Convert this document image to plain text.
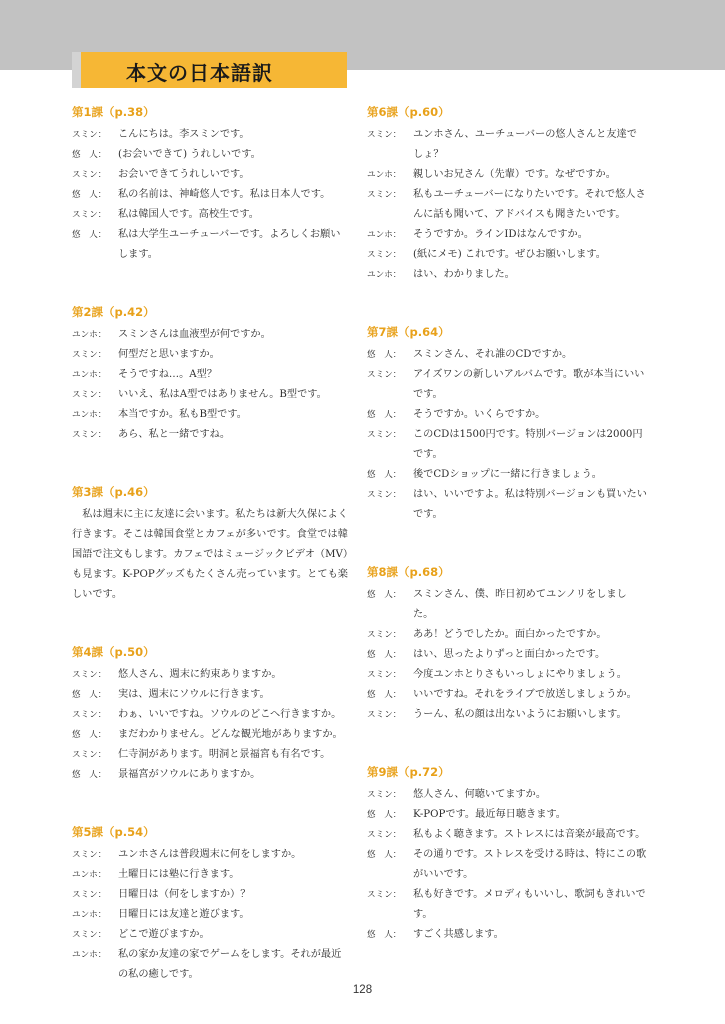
本文の日本語訳
第1課（p.38）
スミン：	こんにちは。李スミンです。
悠　人：	(お会いできて) うれしいです。
スミン：	お会いできてうれしいです。
悠　人：	私の名前は、神崎悠人です。私は日本人です。
スミン：	私は韓国人です。高校生です。
悠　人：	私は大学生ユーチューバーです。よろしくお願いします。
第2課（p.42）
ユンホ：	スミンさんは血液型が何ですか。
スミン：	何型だと思いますか。
ユンホ：	そうですね…。A型？
スミン：	いいえ、私はA型ではありません。B型です。
ユンホ：	本当ですか。私もB型です。
スミン：	あら、私と一緒ですね。
第3課（p.46）

私は週末に主に友達に会います。私たちは新大久保によく行きます。そこは韓国食堂とカフェが多いです。食堂では韓国語で注文もします。カフェではミュージックビデオ（MV）も見ます。K-POPグッズもたくさん売っています。とても楽しいです。

第4課（p.50）
スミン：	悠人さん、週末に約束ありますか。
悠　人：	実は、週末にソウルに行きます。
スミン：	わぁ、いいですね。ソウルのどこへ行きますか。
悠　人：	まだわかりません。どんな観光地がありますか。
スミン：	仁寺洞があります。明洞と景福宮も有名です。
悠　人：	景福宮がソウルにありますか。
第5課（p.54）
スミン：	ユンホさんは普段週末に何をしますか。
ユンホ：	土曜日には塾に行きます。
スミン：	日曜日は（何をしますか）？
ユンホ：	日曜日には友達と遊びます。
スミン：	どこで遊びますか。
ユンホ：	私の家か友達の家でゲームをします。それが最近の私の癒しです。
第6課（p.60）
スミン：	ユンホさん、ユーチューバーの悠人さんと友達でしょ？
ユンホ：	親しいお兄さん（先輩）です。なぜですか。
スミン：	私もユーチューバーになりたいです。それで悠人さんに話も聞いて、アドバイスも聞きたいです。
ユンホ：	そうですか。ラインIDはなんですか。
スミン：	(紙にメモ) これです。ぜひお願いします。
ユンホ：	はい、わかりました。
第7課（p.64）
悠　人：	スミンさん、それ誰のCDですか。
スミン：	アイズワンの新しいアルバムです。歌が本当にいいです。
悠　人：	そうですか。いくらですか。
スミン：	このCDは1500円です。特別バージョンは2000円です。
悠　人：	後でCDショップに一緒に行きましょう。
スミン：	はい、いいですよ。私は特別バージョンも買いたいです。
第8課（p.68）
悠　人：	スミンさん、僕、昨日初めてユンノリをしました。
スミン：	ああ！どうでしたか。面白かったですか。
悠　人：	はい、思ったよりずっと面白かったです。
スミン：	今度ユンホとりさもいっしょにやりましょう。
悠　人：	いいですね。それをライブで放送しましょうか。
スミン：	うーん、私の顔は出ないようにお願いします。
第9課（p.72）
スミン：	悠人さん、何聴いてますか。
悠　人：	K-POPです。最近毎日聴きます。
スミン：	私もよく聴きます。ストレスには音楽が最高です。
悠　人：	その通りです。ストレスを受ける時は、特にこの歌がいいです。
スミン：	私も好きです。メロディもいいし、歌詞もきれいです。
悠　人：	すごく共感します。
128
